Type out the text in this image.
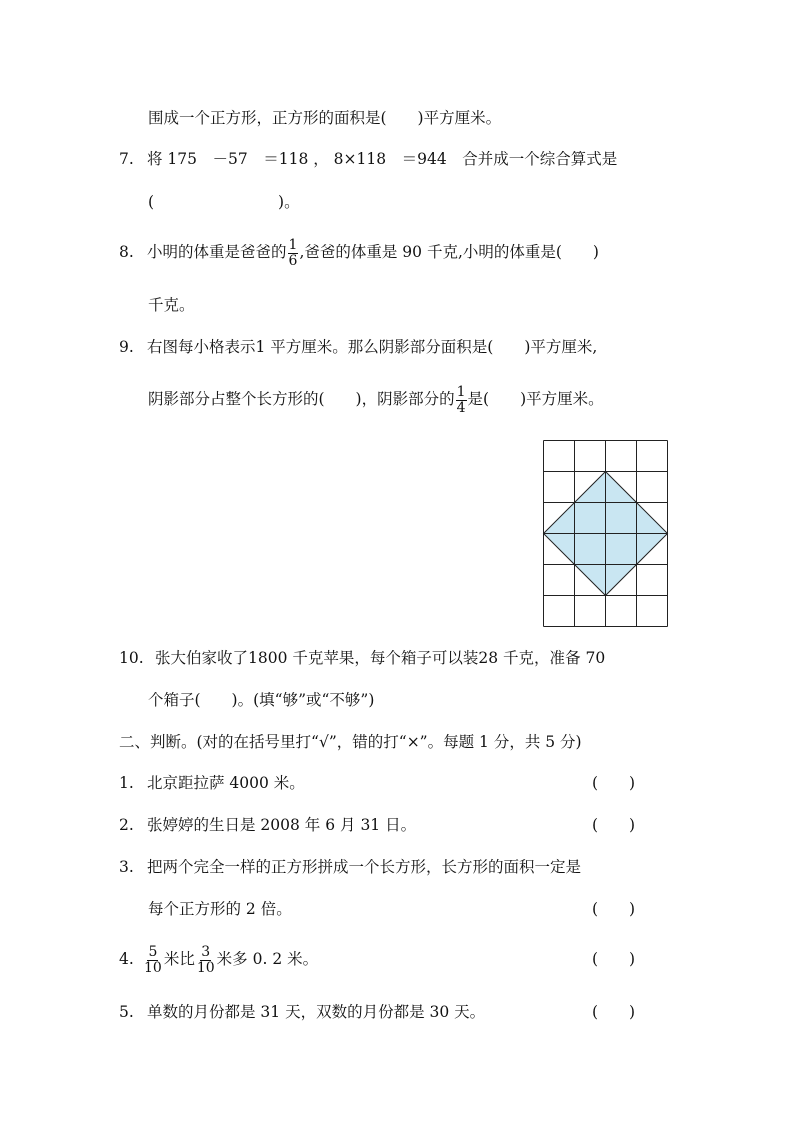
围成一个正方形，正方形的面积是(　　)平方厘米。
7. 将 175　－57　＝118 ， 8×118　＝944　合并成一个综合算式是
(　　　　　　　　)。
8. 小明的体重是爸爸的 $\frac{1}{6}$ ,爸爸的体重是 90 千克,小明的体重是(　　)
千克。
9. 右图每小格表示1 平方厘米。那么阴影部分面积是(　　)平方厘米,
阴影部分占整个长方形的(　　)，阴影部分的 $\frac{1}{4}$ 是(　　)平方厘米。
10. 张大伯家收了1800 千克苹果，每个箱子可以装28 千克，准备 70
个箱子(　　)。(填“够”或“不够”)
二、判断。(对的在括号里打“√”，错的打“×”。每题 1 分，共 5 分)
1. 北京距拉萨 4000 米。	(　　)
2. 张婷婷的生日是 2008 年 6 月 31 日。	(　　)
3. 把两个完全一样的正方形拼成一个长方形，长方形的面积一定是
每个正方形的 2 倍。	(　　)
4. $\frac{5}{10}$ 米比 $\frac{3}{10}$ 米多 0. 2 米。	(　　)
5. 单数的月份都是 31 天，双数的月份都是 30 天。	(　　)
